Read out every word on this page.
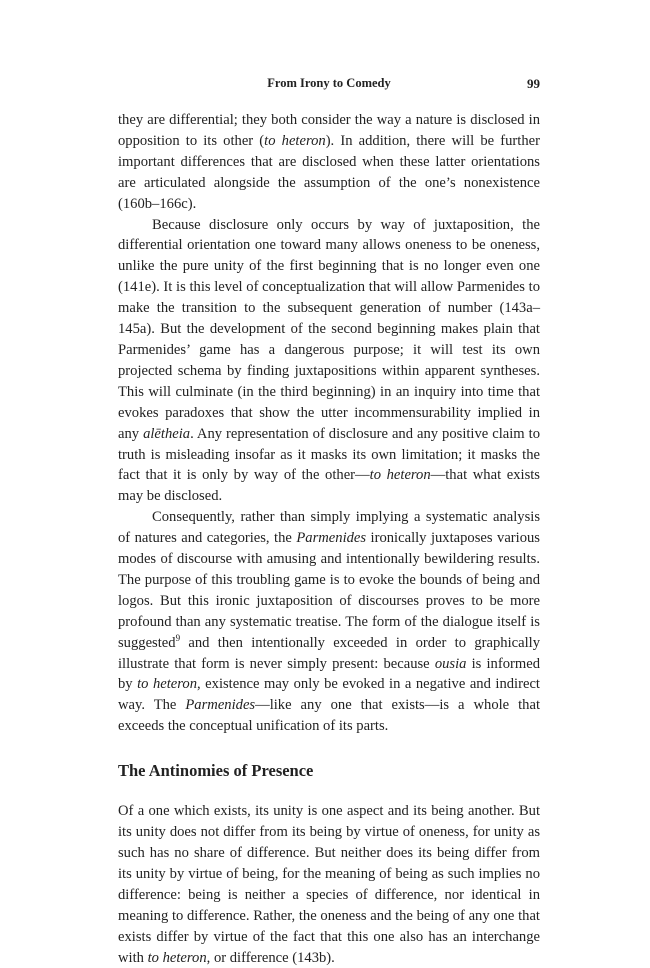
From Irony to Comedy	99

they are differential; they both consider the way a nature is disclosed in opposition to its other (to heteron). In addition, there will be further important differences that are disclosed when these latter orientations are articulated alongside the assumption of the one’s nonexistence (160b–166c).

Because disclosure only occurs by way of juxtaposition, the differential orientation one toward many allows oneness to be oneness, unlike the pure unity of the first beginning that is no longer even one (141e). It is this level of conceptualization that will allow Parmenides to make the transition to the subsequent generation of number (143a–145a). But the development of the second beginning makes plain that Parmenides’ game has a dangerous purpose; it will test its own projected schema by finding juxtapositions within apparent syntheses. This will culminate (in the third beginning) in an inquiry into time that evokes paradoxes that show the utter incommensurability implied in any alētheia. Any representation of disclosure and any positive claim to truth is misleading insofar as it masks its own limitation; it masks the fact that it is only by way of the other—to heteron—that what exists may be disclosed.

Consequently, rather than simply implying a systematic analysis of natures and categories, the Parmenides ironically juxtaposes various modes of discourse with amusing and intentionally bewildering results. The purpose of this troubling game is to evoke the bounds of being and logos. But this ironic juxtaposition of discourses proves to be more profound than any systematic treatise. The form of the dialogue itself is suggested$^9$ and then intentionally exceeded in order to graphically illustrate that form is never simply present: because ousia is informed by to heteron, existence may only be evoked in a negative and indirect way. The Parmenides—like any one that exists—is a whole that exceeds the conceptual unification of its parts.

The Antinomies of Presence

Of a one which exists, its unity is one aspect and its being another. But its unity does not differ from its being by virtue of oneness, for unity as such has no share of difference. But neither does its being differ from its unity by virtue of being, for the meaning of being as such implies no difference: being is neither a species of difference, nor identical in meaning to difference. Rather, the oneness and the being of any one that exists differ by virtue of the fact that this one also has an interchange with to heteron, or difference (143b).
